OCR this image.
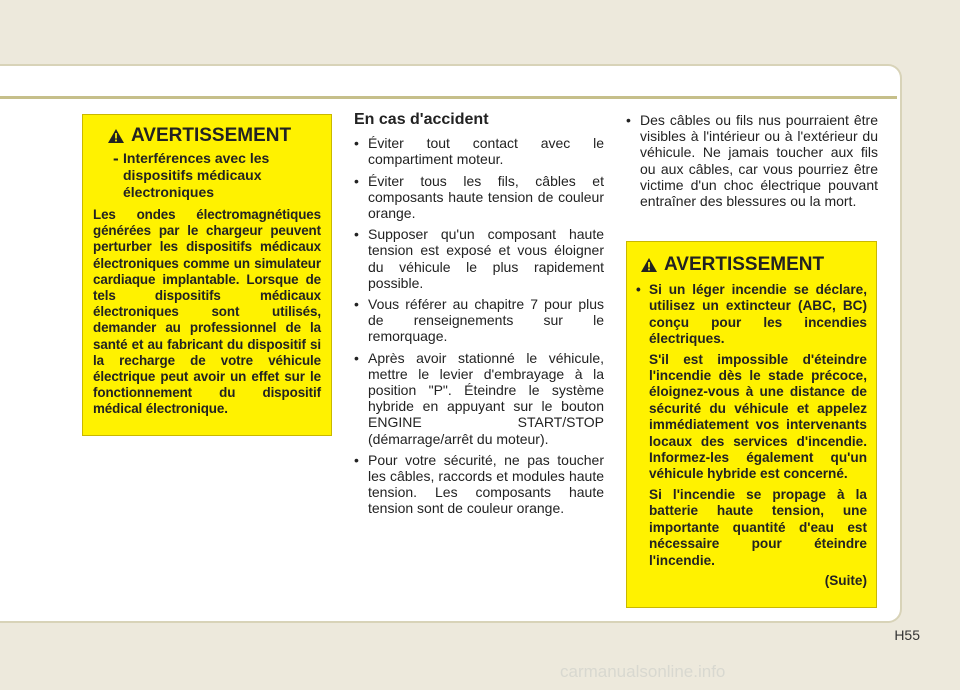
AVERTISSEMENT
- Interférences avec les dispositifs médicaux électroniques
Les ondes électromagnétiques générées par le chargeur peuvent perturber les dispositifs médicaux électroniques comme un simulateur cardiaque implantable. Lorsque de tels dispositifs médicaux électroniques sont utilisés, demander au professionnel de la santé et au fabricant du dispositif si la recharge de votre véhicule électrique peut avoir un effet sur le fonctionnement du dispositif médical électronique.
En cas d'accident
• Éviter tout contact avec le compartiment moteur.
• Éviter tous les fils, câbles et composants haute tension de couleur orange.
• Supposer qu'un composant haute tension est exposé et vous éloigner du véhicule le plus rapidement possible.
• Vous référer au chapitre 7 pour plus de renseignements sur le remorquage.
• Après avoir stationné le véhicule, mettre le levier d'embrayage à la position "P". Éteindre le système hybride en appuyant sur le bouton ENGINE START/STOP (démarrage/arrêt du moteur).
• Pour votre sécurité, ne pas toucher les câbles, raccords et modules haute tension. Les composants haute tension sont de couleur orange.
• Des câbles ou fils nus pourraient être visibles à l'intérieur ou à l'extérieur du véhicule. Ne jamais toucher aux fils ou aux câbles, car vous pourriez être victime d'un choc électrique pouvant entraîner des blessures ou la mort.
AVERTISSEMENT
• Si un léger incendie se déclare, utilisez un extincteur (ABC, BC) conçu pour les incendies électriques.

S'il est impossible d'éteindre l'incendie dès le stade précoce, éloignez-vous à une distance de sécurité du véhicule et appelez immédiatement vos intervenants locaux des services d'incendie. Informez-les également qu'un véhicule hybride est concerné.

Si l'incendie se propage à la batterie haute tension, une importante quantité d'eau est nécessaire pour éteindre l'incendie.

(Suite)
H55
carmanualsonline.info
